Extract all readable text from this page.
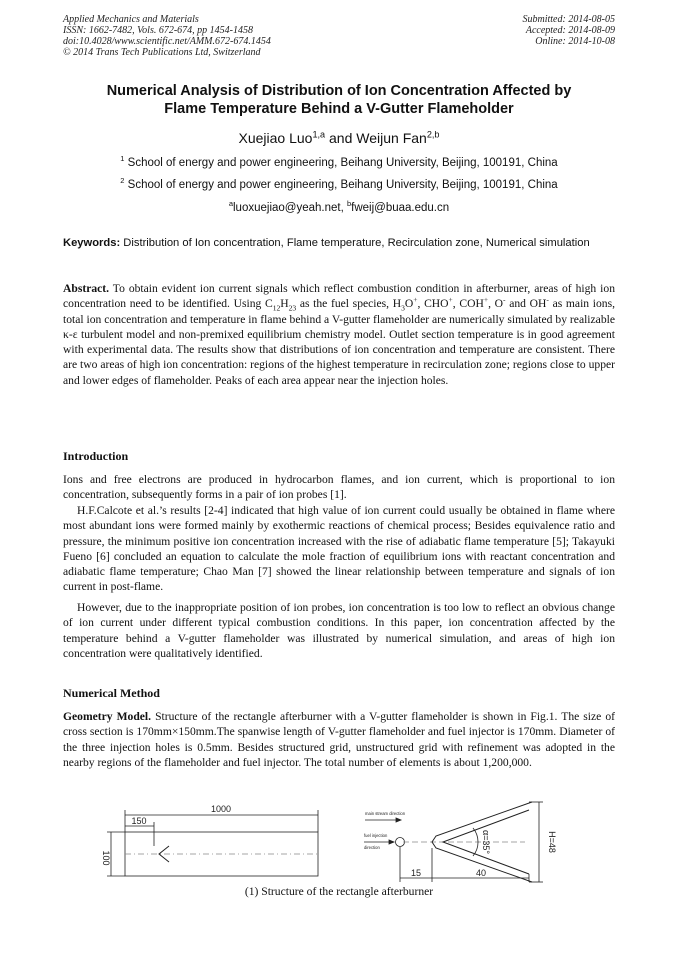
Applied Mechanics and Materials
ISSN: 1662-7482, Vols. 672-674, pp 1454-1458
doi:10.4028/www.scientific.net/AMM.672-674.1454
© 2014 Trans Tech Publications Ltd, Switzerland
Submitted: 2014-08-05
Accepted: 2014-08-09
Online: 2014-10-08
Numerical Analysis of Distribution of Ion Concentration Affected by
Flame Temperature Behind a V-Gutter Flameholder
Xuejiao Luo$^{1,a}$ and Weijun Fan$^{2,b}$
$^1$ School of energy and power engineering, Beihang University, Beijing, 100191, China
$^2$ School of energy and power engineering, Beihang University, Beijing, 100191, China
$^a$luoxuejiao@yeah.net, $^b$fweij@buaa.edu.cn
Keywords: Distribution of Ion concentration, Flame temperature, Recirculation zone, Numerical simulation
Abstract. To obtain evident ion current signals which reflect combustion condition in afterburner, areas of high ion concentration need to be identified. Using $C_{12}H_{23}$ as the fuel species, $H_3O^+$, CHO+, COH+, O- and OH- as main ions, total ion concentration and temperature in flame behind a V-gutter flameholder are numerically simulated by realizable κ-ε turbulent model and non-premixed equilibrium chemistry model. Outlet section temperature is in good agreement with experimental data. The results show that distributions of ion concentration and temperature are consistent. There are two areas of high ion concentration: regions of the highest temperature in recirculation zone; regions close to upper and lower edges of flameholder. Peaks of each area appear near the injection holes.
Introduction
Ions and free electrons are produced in hydrocarbon flames, and ion current, which is proportional to ion concentration, subsequently forms in a pair of ion probes [1].
H.F.Calcote et al.’s results [2-4] indicated that high value of ion current could usually be obtained in flame where most abundant ions were formed mainly by exothermic reactions of chemical process; Besides equivalence ratio and pressure, the minimum positive ion concentration increased with the rise of adiabatic flame temperature [5]; Takayuki Fueno [6] concluded an equation to calculate the mole fraction of equilibrium ions with reactant concentration and adiabatic flame temperature; Chao Man [7] showed the linear relationship between temperature and signals of ion current in post-flame.
However, due to the inappropriate position of ion probes, ion concentration is too low to reflect an obvious change of ion current under different typical combustion conditions. In this paper, ion concentration affected by the temperature behind a V-gutter flameholder was illustrated by numerical simulation, and areas of high ion concentration were qualitatively identified.
Numerical Method
Geometry Model. Structure of the rectangle afterburner with a V-gutter flameholder is shown in Fig.1. The size of cross section is 170mm×150mm.The spanwise length of V-gutter flameholder and fuel injector is 170mm. Diameter of the three injection holes is 0.5mm. Besides structured grid, unstructured grid with refinement was adopted in the nearby regions of the flameholder and fuel injector. The total number of elements is about 1,200,000.
1000
150
100
main stream direction
fuel injection
direction	α=35°	H=48
15	40
(1) Structure of the rectangle afterburner
